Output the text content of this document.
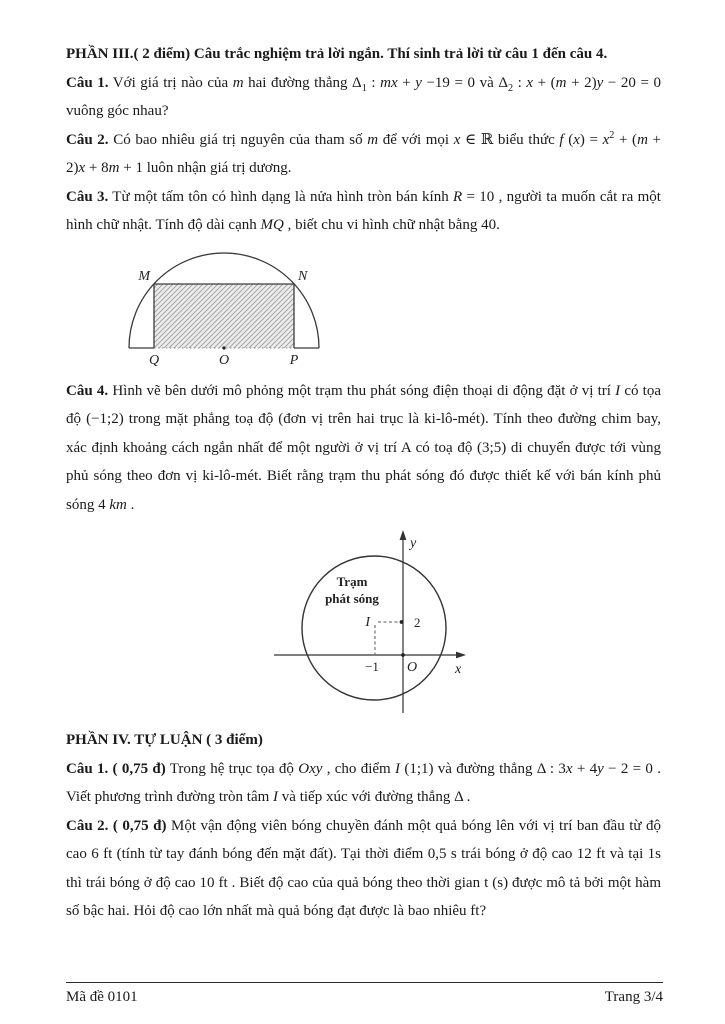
PHẦN III.( 2 điểm) Câu trắc nghiệm trả lời ngắn. Thí sinh trả lời từ câu 1 đến câu 4.

Câu 1. Với giá trị nào của m hai đường thẳng $\Delta_1$ : mx + y −19 = 0 và $\Delta_2$ : x + (m + 2)y − 20 = 0 vuông góc nhau?

Câu 2. Có bao nhiêu giá trị nguyên của tham số m để với mọi x ∈ ℝ biểu thức f $(x) = x^2 + (m + 2)x + 8m + 1$ luôn nhận giá trị dương.

Câu 3. Từ một tấm tôn có hình dạng là nửa hình tròn bán kính R = 10 , người ta muốn cắt ra một hình chữ nhật. Tính độ dài cạnh MQ , biết chu vi hình chữ nhật bằng 40.

M	N
Q	O	P

Câu 4. Hình vẽ bên dưới mô phỏng một trạm thu phát sóng điện thoại di động đặt ở vị trí I có tọa độ (−1;2) trong mặt phẳng toạ độ (đơn vị trên hai trục là ki-lô-mét). Tính theo đường chim bay, xác định khoảng cách ngắn nhất để một người ở vị trí A có toạ độ (3;5) di chuyển được tới vùng phủ sóng theo đơn vị ki-lô-mét. Biết rằng trạm thu phát sóng đó được thiết kế với bán kính phủ sóng 4 km .

Trạm
phát sóng
I	2
−1 O	x
y

PHẦN IV. TỰ LUẬN ( 3 điểm)

Câu 1. ( 0,75 đ) Trong hệ trục tọa độ Oxy , cho điểm I (1;1) và đường thẳng Δ : 3x + 4y − 2 = 0 . Viết phương trình đường tròn tâm I và tiếp xúc với đường thẳng Δ .

Câu 2. ( 0,75 đ) Một vận động viên bóng chuyền đánh một quả bóng lên với vị trí ban đầu từ độ cao 6 ft (tính từ tay đánh bóng đến mặt đất). Tại thời điểm 0,5 s trái bóng ở độ cao 12 ft và tại 1s thì trái bóng ở độ cao 10 ft . Biết độ cao của quả bóng theo thời gian t (s) được mô tả bởi một hàm số bậc hai. Hỏi độ cao lớn nhất mà quả bóng đạt được là bao nhiêu ft?

Mã đề 0101	Trang 3/4
